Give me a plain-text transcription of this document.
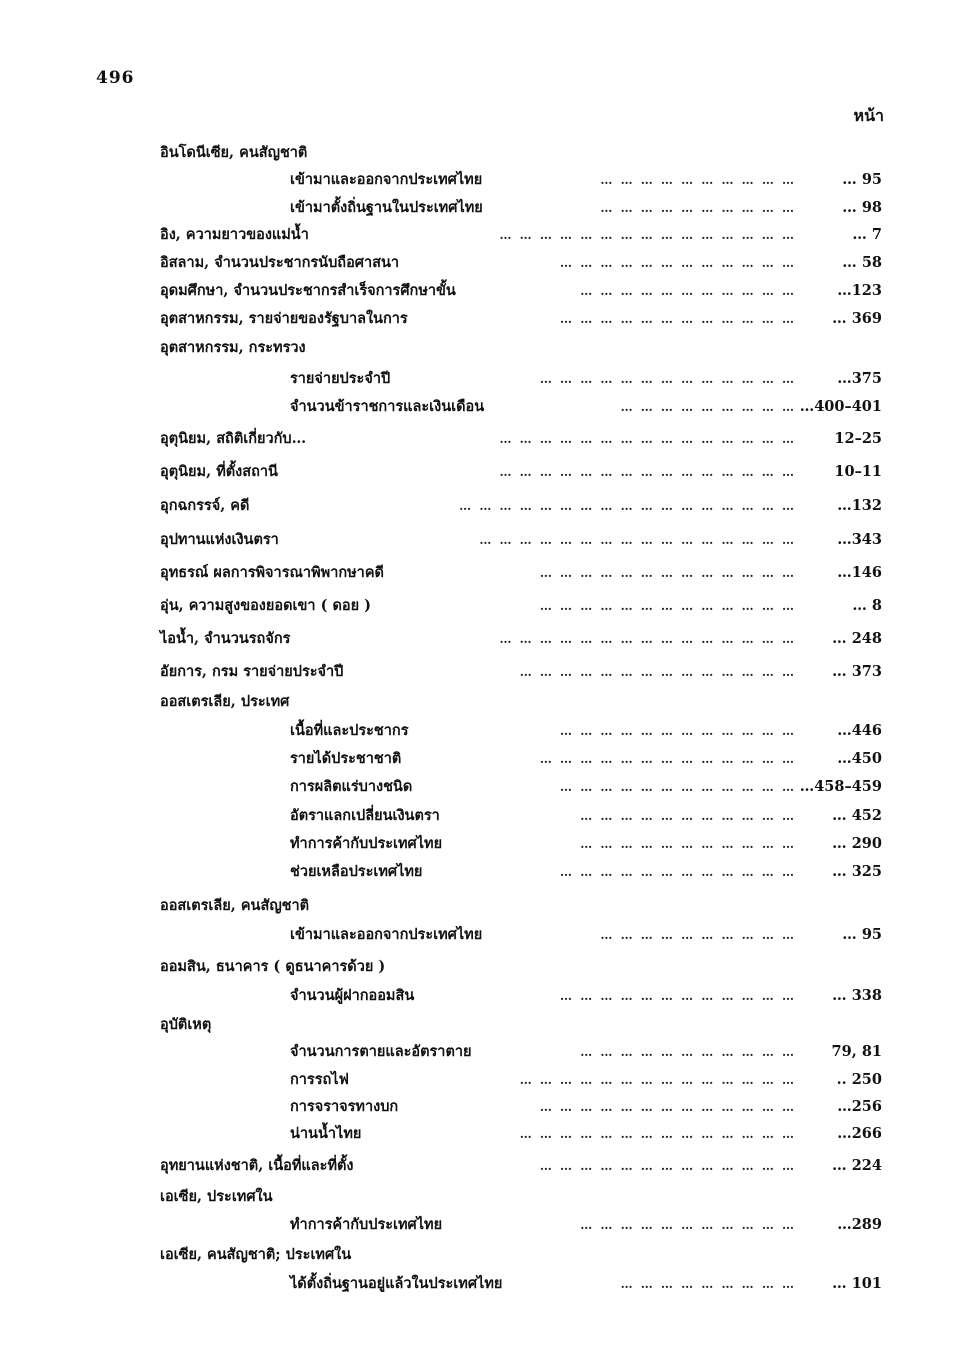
496
หน้า
อินโดนีเซีย, คนสัญชาติ
เข้ามาและออกจากประเทศไทย	… … … … … … … … … …	… 95
เข้ามาตั้งถิ่นฐานในประเทศไทย	… … … … … … … … … …	… 98
อิง, ความยาวของแม่น้ำ	… … … … … … … … … … … … … … …	… 7
อิสลาม, จำนวนประชากรนับถือศาสนา	… … … … … … … … … … … …	… 58
อุดมศึกษา, จำนวนประชากรสำเร็จการศึกษาขั้น	… … … … … … … … … … …	…123
อุตสาหกรรม, รายจ่ายของรัฐบาลในการ	… … … … … … … … … … … … … 369
อุตสาหกรรม, กระทรวง
รายจ่ายประจำปี	… … … … … … … … … … … … …	…375
จำนวนข้าราชการและเงินเดือน	… … … … … … … … … …400–401
อุตุนิยม, สถิติเกี่ยวกับ…	… … … … … … … … … … … … … … …	12–25
อุตุนิยม, ที่ตั้งสถานี	… … … … … … … … … … … … … … …	10–11
อุกฉกรรจ์, คดี	… … … … … … … … … … … … … … … … …	…132
อุปทานแห่งเงินตรา	… … … … … … … … … … … … … … … …	…343
อุทธรณ์ ผลการพิจารณาพิพากษาคดี	… … … … … … … … … … … … …	…146
อุ่น, ความสูงของยอดเขา ( ดอย )	… … … … … … … … … … … … …	… 8
ไอน้ำ, จำนวนรถจักร	… … … … … … … … … … … … … … … … 248
อัยการ, กรม รายจ่ายประจำปี	… … … … … … … … … … … … … … … 373
ออสเตรเลีย, ประเทศ
เนื้อที่และประชากร	… … … … … … … … … … … …	…446
รายได้ประชาชาติ	… … … … … … … … … … … … …	…450
การผลิตแร่บางชนิด	… … … … … … … … … … … … …458–459
อัตราแลกเปลี่ยนเงินตรา	… … … … … … … … … … … … 452
ทำการค้ากับประเทศไทย	… … … … … … … … … … … … 290
ช่วยเหลือประเทศไทย	… … … … … … … … … … … … … 325
ออสเตรเลีย, คนสัญชาติ
เข้ามาและออกจากประเทศไทย	… … … … … … … … … …	… 95
ออมสิน, ธนาคาร ( ดูธนาคารด้วย )
จำนวนผู้ฝากออมสิน	… … … … … … … … … … … … … 338
อุบัติเหตุ
จำนวนการตายและอัตราตาย	… … … … … … … … … … … 79, 81
การรถไฟ	… … … … … … … … … … … … … …	.. 250
การจราจรทางบก	… … … … … … … … … … … … …	…256
น่านน้ำไทย	… … … … … … … … … … … … … …	…266
อุทยานแห่งชาติ, เนื้อที่และที่ตั้ง	… … … … … … … … … … … … … … 224
เอเซีย, ประเทศใน
ทำการค้ากับประเทศไทย	… … … … … … … … … … …	…289
เอเซีย, คนสัญชาติ; ประเทศใน
ได้ตั้งถิ่นฐานอยู่แล้วในประเทศไทย	… … … … … … … … … … 101
